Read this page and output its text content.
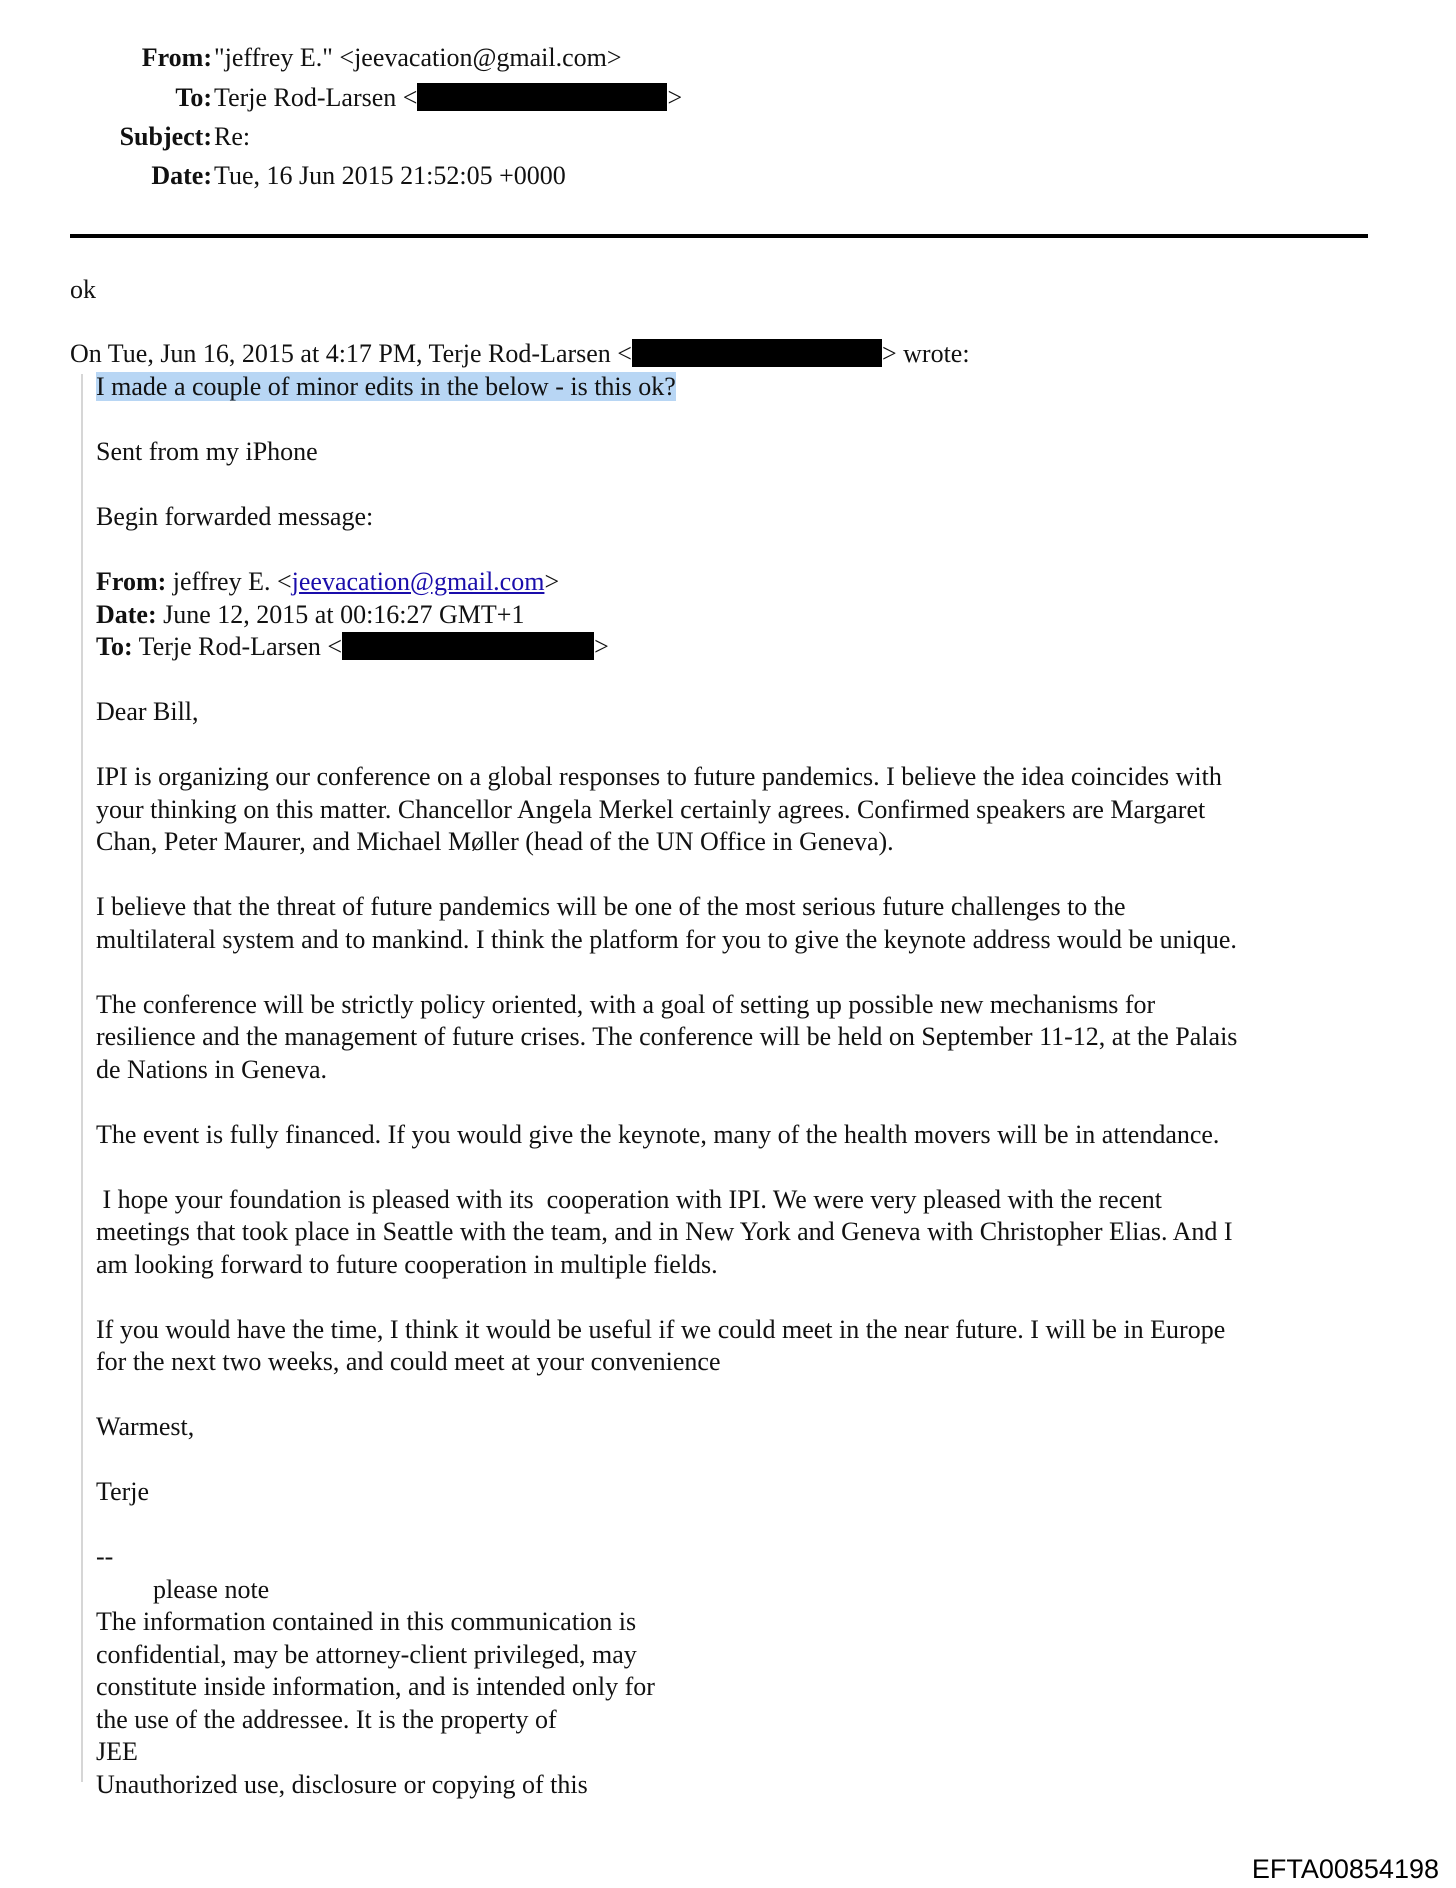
From: "jeffrey E." <jeevacation@gmail.com>
To: Terje Rod-Larsen <	>
Subject: Re:
Date: Tue, 16 Jun 2015 21:52:05 +0000
ok
On Tue, Jun 16, 2015 at 4:17 PM, Terje Rod-Larsen <	> wrote:

I made a couple of minor edits in the below - is this ok?

Sent from my iPhone

Begin forwarded message:

From: jeffrey E. <jeevacation@gmail.com>

Date: June 12, 2015 at 00:16:27 GMT+1

To: Terje Rod-Larsen <	>

Dear Bill,

IPI is organizing our conference on a global responses to future pandemics. I believe the idea coincides with

your thinking on this matter. Chancellor Angela Merkel certainly agrees. Confirmed speakers are Margaret

Chan, Peter Maurer, and Michael Møller (head of the UN Office in Geneva).

I believe that the threat of future pandemics will be one of the most serious future challenges to the

multilateral system and to mankind. I think the platform for you to give the keynote address would be unique.

The conference will be strictly policy oriented, with a goal of setting up possible new mechanisms for

resilience and the management of future crises. The conference will be held on September 11-12, at the Palais

de Nations in Geneva.

The event is fully financed. If you would give the keynote, many of the health movers will be in attendance.

I hope your foundation is pleased with its  cooperation with IPI. We were very pleased with the recent

meetings that took place in Seattle with the team, and in New York and Geneva with Christopher Elias. And I

am looking forward to future cooperation in multiple fields.

If you would have the time, I think it would be useful if we could meet in the near future. I will be in Europe

for the next two weeks, and could meet at your convenience

Warmest,

Terje

--

please note

The information contained in this communication is

confidential, may be attorney-client privileged, may

constitute inside information, and is intended only for

the use of the addressee. It is the property of

JEE

Unauthorized use, disclosure or copying of this

EFTA00854198
